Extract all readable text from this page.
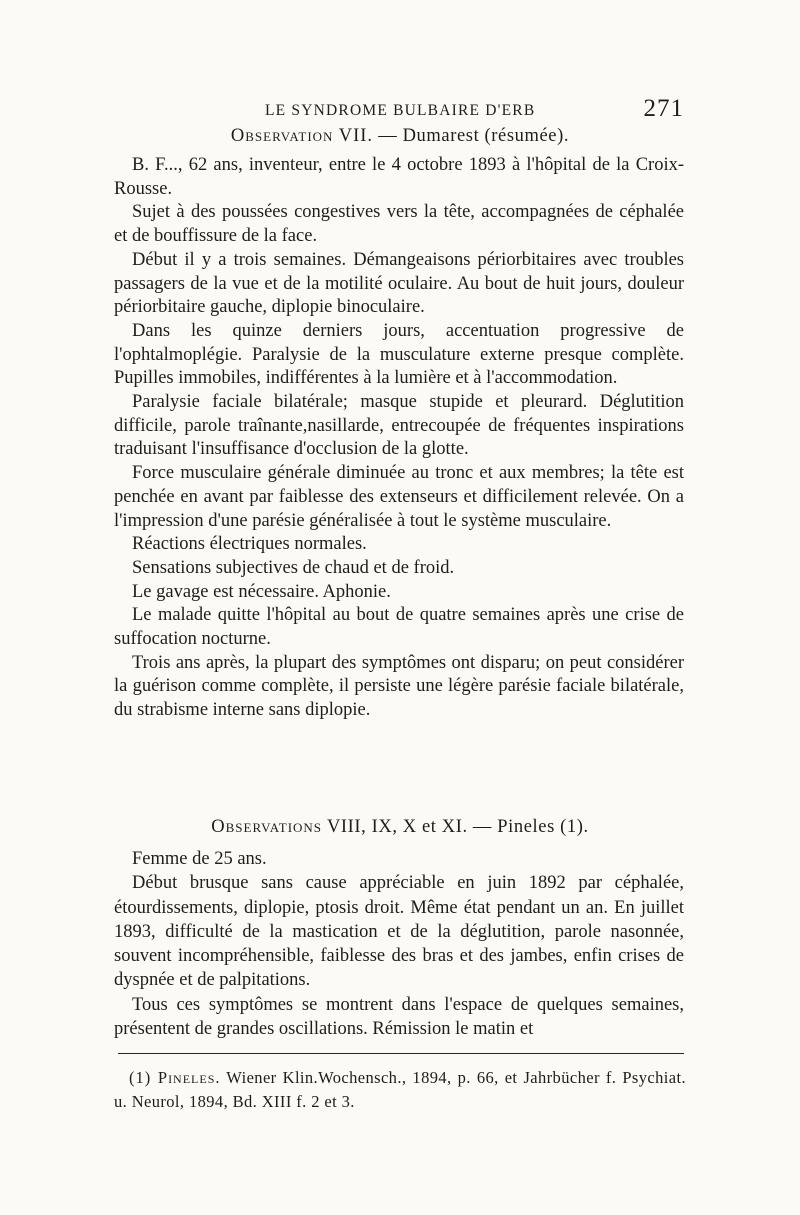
LE SYNDROME BULBAIRE D'ERB	271
Observation VII. — Dumarest (résumée).

B. F..., 62 ans, inventeur, entre le 4 octobre 1893 à l'hôpital de la Croix-Rousse.

Sujet à des poussées congestives vers la tête, accompagnées de céphalée et de bouffissure de la face.

Début il y a trois semaines. Démangeaisons périorbitaires avec troubles passagers de la vue et de la motilité oculaire. Au bout de huit jours, douleur périorbitaire gauche, diplopie binoculaire.

Dans les quinze derniers jours, accentuation progressive de l'ophtalmoplégie. Paralysie de la musculature externe presque complète. Pupilles immobiles, indifférentes à la lumière et à l'accommodation.

Paralysie faciale bilatérale; masque stupide et pleurard. Déglutition difficile, parole traînante,nasillarde, entrecoupée de fréquentes inspirations traduisant l'insuffisance d'occlusion de la glotte.

Force musculaire générale diminuée au tronc et aux membres; la tête est penchée en avant par faiblesse des extenseurs et difficilement relevée. On a l'impression d'une parésie généralisée à tout le système musculaire.

Réactions électriques normales.

Sensations subjectives de chaud et de froid.

Le gavage est nécessaire. Aphonie.

Le malade quitte l'hôpital au bout de quatre semaines après une crise de suffocation nocturne.

Trois ans après, la plupart des symptômes ont disparu; on peut considérer la guérison comme complète, il persiste une légère parésie faciale bilatérale, du strabisme interne sans diplopie.

Observations VIII, IX, X et XI. — Pineles (1).

Femme de 25 ans.

Début brusque sans cause appréciable en juin 1892 par céphalée, étourdissements, diplopie, ptosis droit. Même état pendant un an. En juillet 1893, difficulté de la mastication et de la déglutition, parole nasonnée, souvent incompréhensible, faiblesse des bras et des jambes, enfin crises de dyspnée et de palpitations.

Tous ces symptômes se montrent dans l'espace de quelques semaines, présentent de grandes oscillations. Rémission le matin et

(1) Pineles. Wiener Klin.Wochensch., 1894, p. 66, et Jahrbücher f. Psychiat. u. Neurol, 1894, Bd. XIII f. 2 et 3.
